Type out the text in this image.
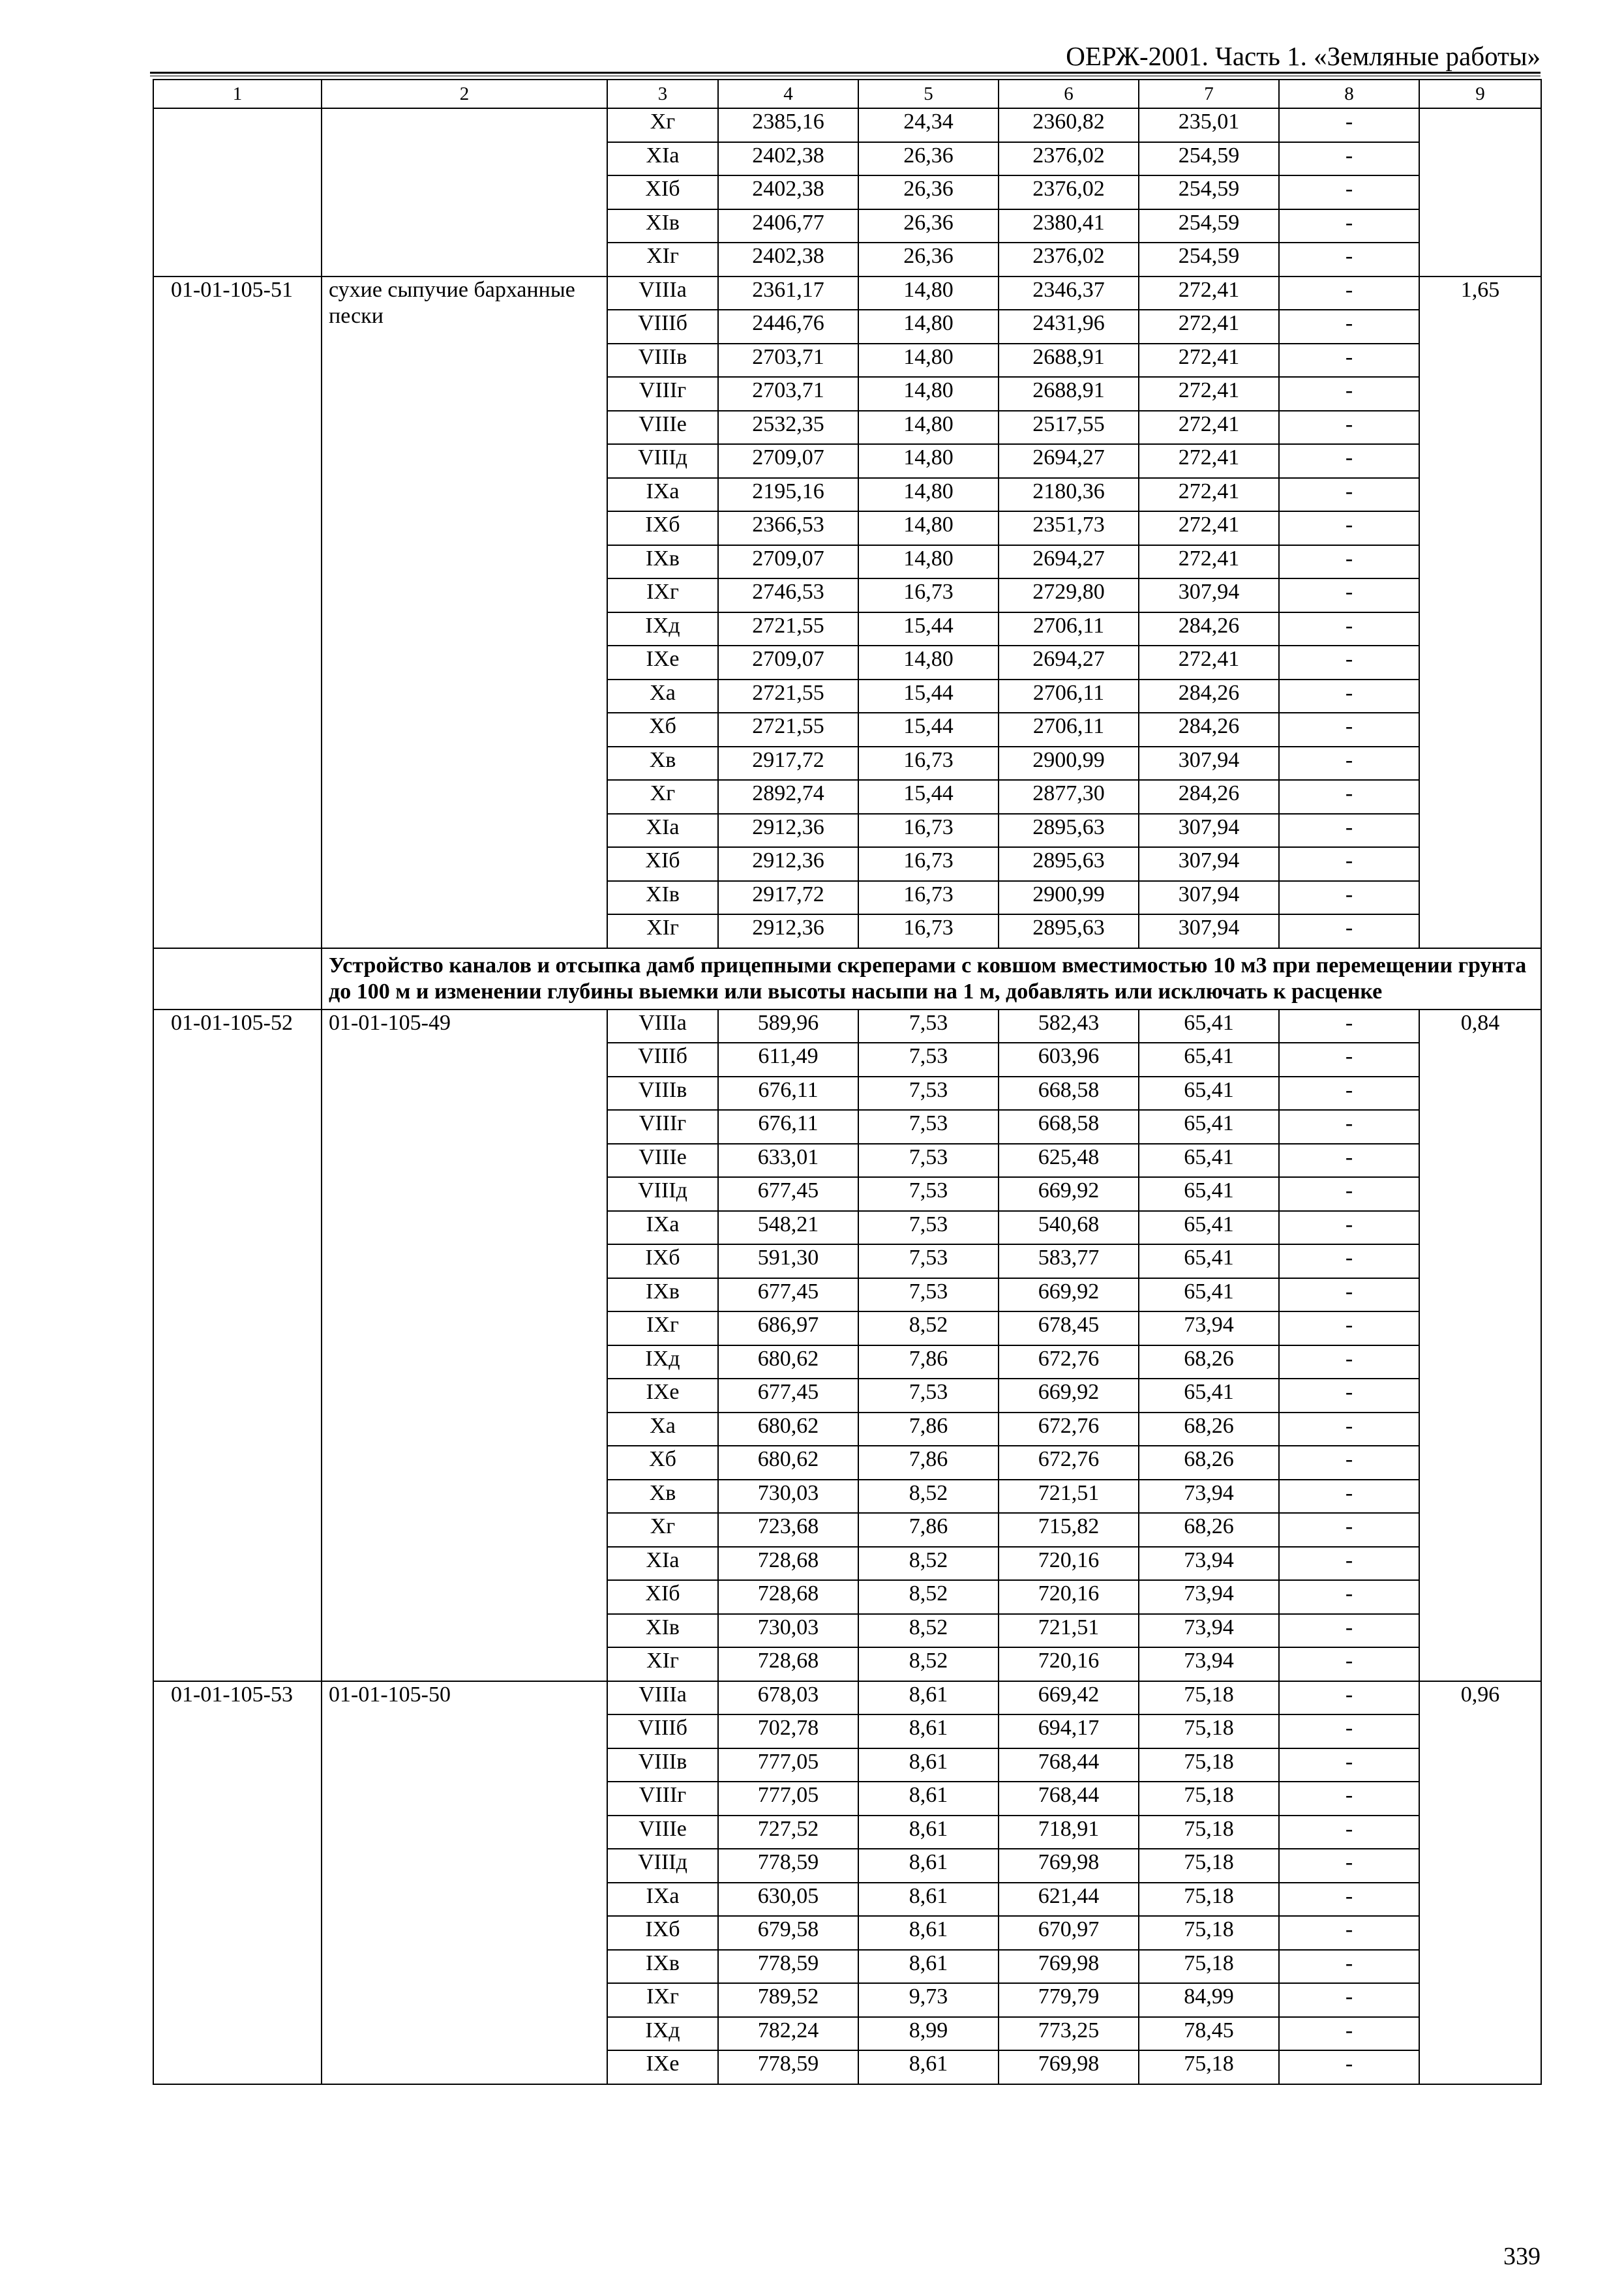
ОЕРЖ-2001. Часть 1. «Земляные работы»
1	2	3	4	5	6	7	8	9
		Xг	2385,16	24,34	2360,82	235,01	-	
		XIа	2402,38	26,36	2376,02	254,59	-	
		XIб	2402,38	26,36	2376,02	254,59	-	
		XIв	2406,77	26,36	2380,41	254,59	-	
		XIг	2402,38	26,36	2376,02	254,59	-	
01-01-105-51	сухие сыпучие барханные пески	VIIIа	2361,17	14,80	2346,37	272,41	-	1,65
		VIIIб	2446,76	14,80	2431,96	272,41	-	
		VIIIв	2703,71	14,80	2688,91	272,41	-	
		VIIIг	2703,71	14,80	2688,91	272,41	-	
		VIIIе	2532,35	14,80	2517,55	272,41	-	
		VIIIд	2709,07	14,80	2694,27	272,41	-	
		IXа	2195,16	14,80	2180,36	272,41	-	
		IXб	2366,53	14,80	2351,73	272,41	-	
		IXв	2709,07	14,80	2694,27	272,41	-	
		IXг	2746,53	16,73	2729,80	307,94	-	
		IXд	2721,55	15,44	2706,11	284,26	-	
		IXе	2709,07	14,80	2694,27	272,41	-	
		Xа	2721,55	15,44	2706,11	284,26	-	
		Xб	2721,55	15,44	2706,11	284,26	-	
		Xв	2917,72	16,73	2900,99	307,94	-	
		Xг	2892,74	15,44	2877,30	284,26	-	
		XIа	2912,36	16,73	2895,63	307,94	-	
		XIб	2912,36	16,73	2895,63	307,94	-	
		XIв	2917,72	16,73	2900,99	307,94	-	
		XIг	2912,36	16,73	2895,63	307,94	-	
	Устройство каналов и отсыпка дамб прицепными скреперами с ковшом вместимостью 10 м3 при перемещении грунта до 100 м и изменении глубины выемки или высоты насыпи на 1 м, добавлять или исключать к расценке							
01-01-105-52	01-01-105-49	VIIIа	589,96	7,53	582,43	65,41	-	0,84
		VIIIб	611,49	7,53	603,96	65,41	-	
		VIIIв	676,11	7,53	668,58	65,41	-	
		VIIIг	676,11	7,53	668,58	65,41	-	
		VIIIе	633,01	7,53	625,48	65,41	-	
		VIIIд	677,45	7,53	669,92	65,41	-	
		IXа	548,21	7,53	540,68	65,41	-	
		IXб	591,30	7,53	583,77	65,41	-	
		IXв	677,45	7,53	669,92	65,41	-	
		IXг	686,97	8,52	678,45	73,94	-	
		IXд	680,62	7,86	672,76	68,26	-	
		IXе	677,45	7,53	669,92	65,41	-	
		Xа	680,62	7,86	672,76	68,26	-	
		Xб	680,62	7,86	672,76	68,26	-	
		Xв	730,03	8,52	721,51	73,94	-	
		Xг	723,68	7,86	715,82	68,26	-	
		XIа	728,68	8,52	720,16	73,94	-	
		XIб	728,68	8,52	720,16	73,94	-	
		XIв	730,03	8,52	721,51	73,94	-	
		XIг	728,68	8,52	720,16	73,94	-	
01-01-105-53	01-01-105-50	VIIIа	678,03	8,61	669,42	75,18	-	0,96
		VIIIб	702,78	8,61	694,17	75,18	-	
		VIIIв	777,05	8,61	768,44	75,18	-	
		VIIIг	777,05	8,61	768,44	75,18	-	
		VIIIе	727,52	8,61	718,91	75,18	-	
		VIIIд	778,59	8,61	769,98	75,18	-	
		IXа	630,05	8,61	621,44	75,18	-	
		IXб	679,58	8,61	670,97	75,18	-	
		IXв	778,59	8,61	769,98	75,18	-	
		IXг	789,52	9,73	779,79	84,99	-	
		IXд	782,24	8,99	773,25	78,45	-	
		IXе	778,59	8,61	769,98	75,18	-	
339
